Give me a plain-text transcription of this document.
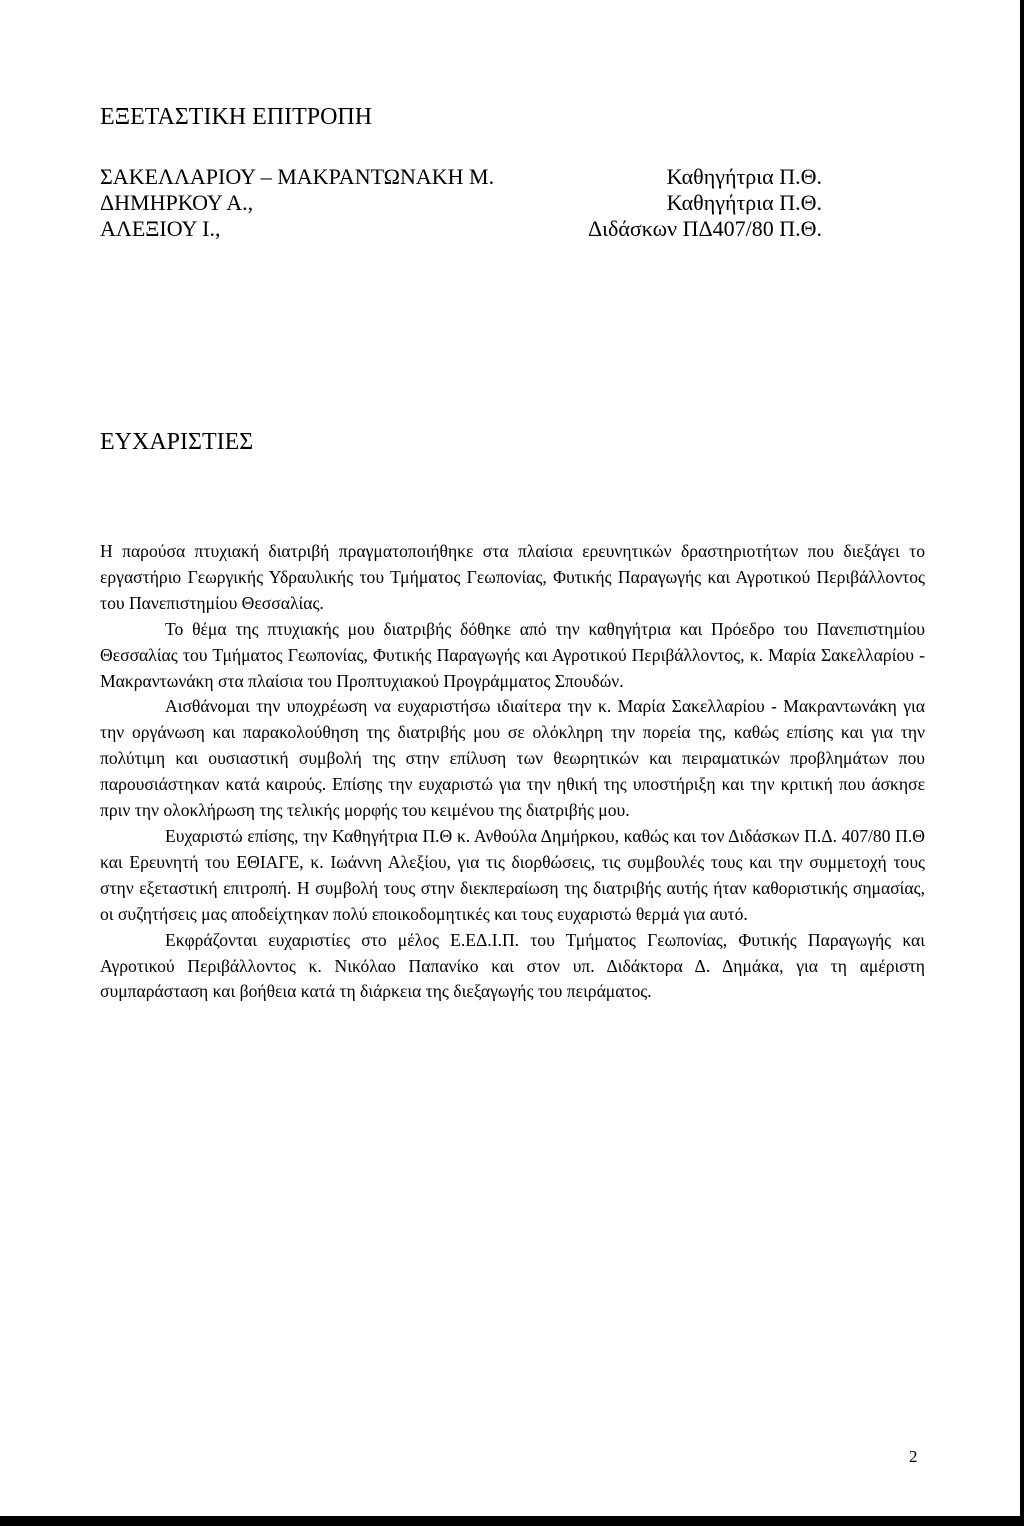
ΕΞΕΤΑΣΤΙΚΗ ΕΠΙΤΡΟΠΗ
ΣΑΚΕΛΛΑΡΙΟΥ – ΜΑΚΡΑΝΤΩΝΑΚΗ Μ.	Καθηγήτρια Π.Θ.
ΔΗΜΗΡΚΟΥ Α.,	Καθηγήτρια Π.Θ.
ΑΛΕΞΙΟΥ Ι.,	Διδάσκων ΠΔ407/80 Π.Θ.
ΕΥΧΑΡΙΣΤΙΕΣ

Η παρούσα πτυχιακή διατριβή πραγματοποιήθηκε στα πλαίσια ερευνητικών δραστηριοτήτων που διεξάγει το εργαστήριο Γεωργικής Υδραυλικής του Τμήματος Γεωπονίας, Φυτικής Παραγωγής και Αγροτικού Περιβάλλοντος του Πανεπιστημίου Θεσσαλίας.

Το θέμα της πτυχιακής μου διατριβής δόθηκε από την καθηγήτρια και Πρόεδρο του Πανεπιστημίου Θεσσαλίας του Τμήματος Γεωπονίας, Φυτικής Παραγωγής και Αγροτικού Περιβάλλοντος, κ. Μαρία Σακελλαρίου - Μακραντωνάκη στα πλαίσια του Προπτυχιακού Προγράμματος Σπουδών.

Αισθάνομαι την υποχρέωση να ευχαριστήσω ιδιαίτερα την κ. Μαρία Σακελλαρίου - Μακραντωνάκη για την οργάνωση και παρακολούθηση της διατριβής μου σε ολόκληρη την πορεία της, καθώς επίσης και για την πολύτιμη και ουσιαστική συμβολή της στην επίλυση των θεωρητικών και πειραματικών προβλημάτων που παρουσιάστηκαν κατά καιρούς. Επίσης την ευχαριστώ για την ηθική της υποστήριξη και την κριτική που άσκησε πριν την ολοκλήρωση της τελικής μορφής του κειμένου της διατριβής μου.

Ευχαριστώ επίσης, την Καθηγήτρια Π.Θ κ. Ανθούλα Δημήρκου, καθώς και τον Διδάσκων Π.Δ. 407/80 Π.Θ και Ερευνητή του ΕΘΙΑΓΕ, κ. Ιωάννη Αλεξίου, για τις διορθώσεις, τις συμβουλές τους και την συμμετοχή τους στην εξεταστική επιτροπή. Η συμβολή τους στην διεκπεραίωση της διατριβής αυτής ήταν καθοριστικής σημασίας, οι συζητήσεις μας αποδείχτηκαν πολύ εποικοδομητικές και τους ευχαριστώ θερμά για αυτό.

Εκφράζονται ευχαριστίες στο μέλος Ε.ΕΔ.Ι.Π. του Τμήματος Γεωπονίας, Φυτικής Παραγωγής και Αγροτικού Περιβάλλοντος κ. Νικόλαο Παπανίκο και στον υπ. Διδάκτορα Δ. Δημάκα, για τη αμέριστη συμπαράσταση και βοήθεια κατά τη διάρκεια της διεξαγωγής του πειράματος.

2
